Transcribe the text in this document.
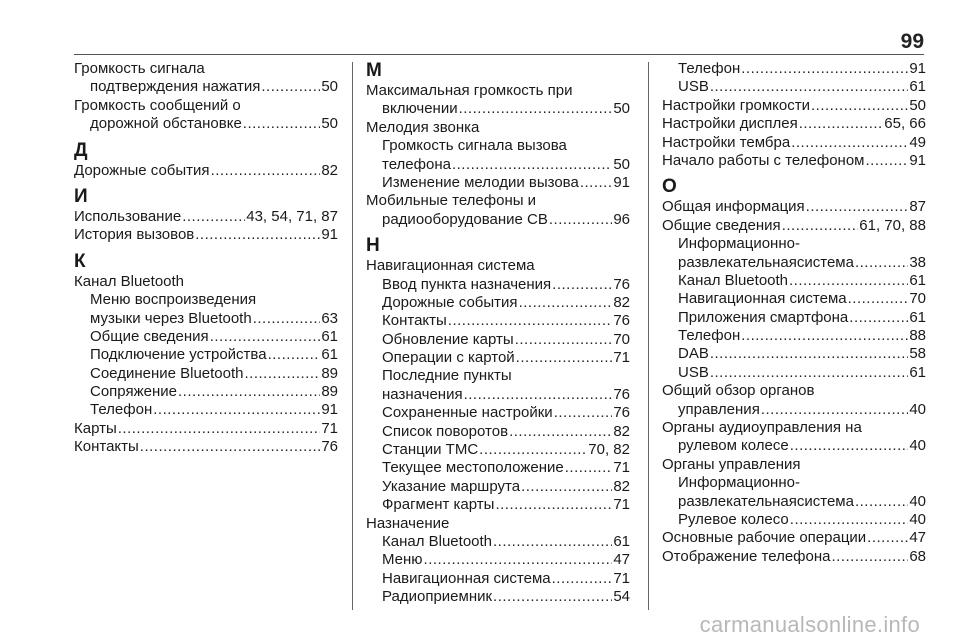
99
Громкость сигнала
подтверждения нажатия .....	50
Громкость сообщений о
дорожной обстановке .....	50
Д
Дорожные события .....	82
И
Использование .....	43, 54, 71, 87
История вызовов .....	91
К
Канал Bluetooth
Меню воспроизведения
музыки через Bluetooth .....	63
Общие сведения .....	61
Подключение устройства .....	61
Соединение Bluetooth .....	89
Сопряжение .....	89
Телефон .....	91
Карты .....	71
Контакты .....	76
М
Максимальная громкость при
включении .....	50
Мелодия звонка
Громкость сигнала вызова
телефона .....	50
Изменение мелодии вызова ..... 91
Мобильные телефоны и
радиооборудование CB .....	96
Н
Навигационная система
Ввод пункта назначения .....	76
Дорожные события .....	82
Контакты .....	76
Обновление карты .....	70
Операции с картой .....	71
Последние пункты
назначения .....	76
Сохраненные настройки .....	76
Список поворотов .....	82
Станции TMC .....	70, 82
Текущее местоположение .....	71
Указание маршрута .....	82
Фрагмент карты .....	71
Назначение
Канал Bluetooth .....	61
Меню .....	47
Навигационная система .....	71
Радиоприемник .....	54
Телефон .....	91
USB .....	61
Настройки громкости .....	50
Настройки дисплея .....	65, 66
Настройки тембра .....	49
Начало работы с телефоном .....	91
О
Общая информация .....	87
Общие сведения .....	61, 70, 88
Информационно-
развлекательнаясистема .....	38
Канал Bluetooth .....	61
Навигационная система .....	70
Приложения смартфона .....	61
Телефон .....	88
DAB .....	58
USB .....	61
Общий обзор органов
управления .....	40
Органы аудиоуправления на
рулевом колесе .....	40
Органы управления
Информационно-
развлекательнаясистема .....	40
Рулевое колесо .....	40
Основные рабочие операции .....	47
Отображение телефона .....	68
carmanualsonline.info
